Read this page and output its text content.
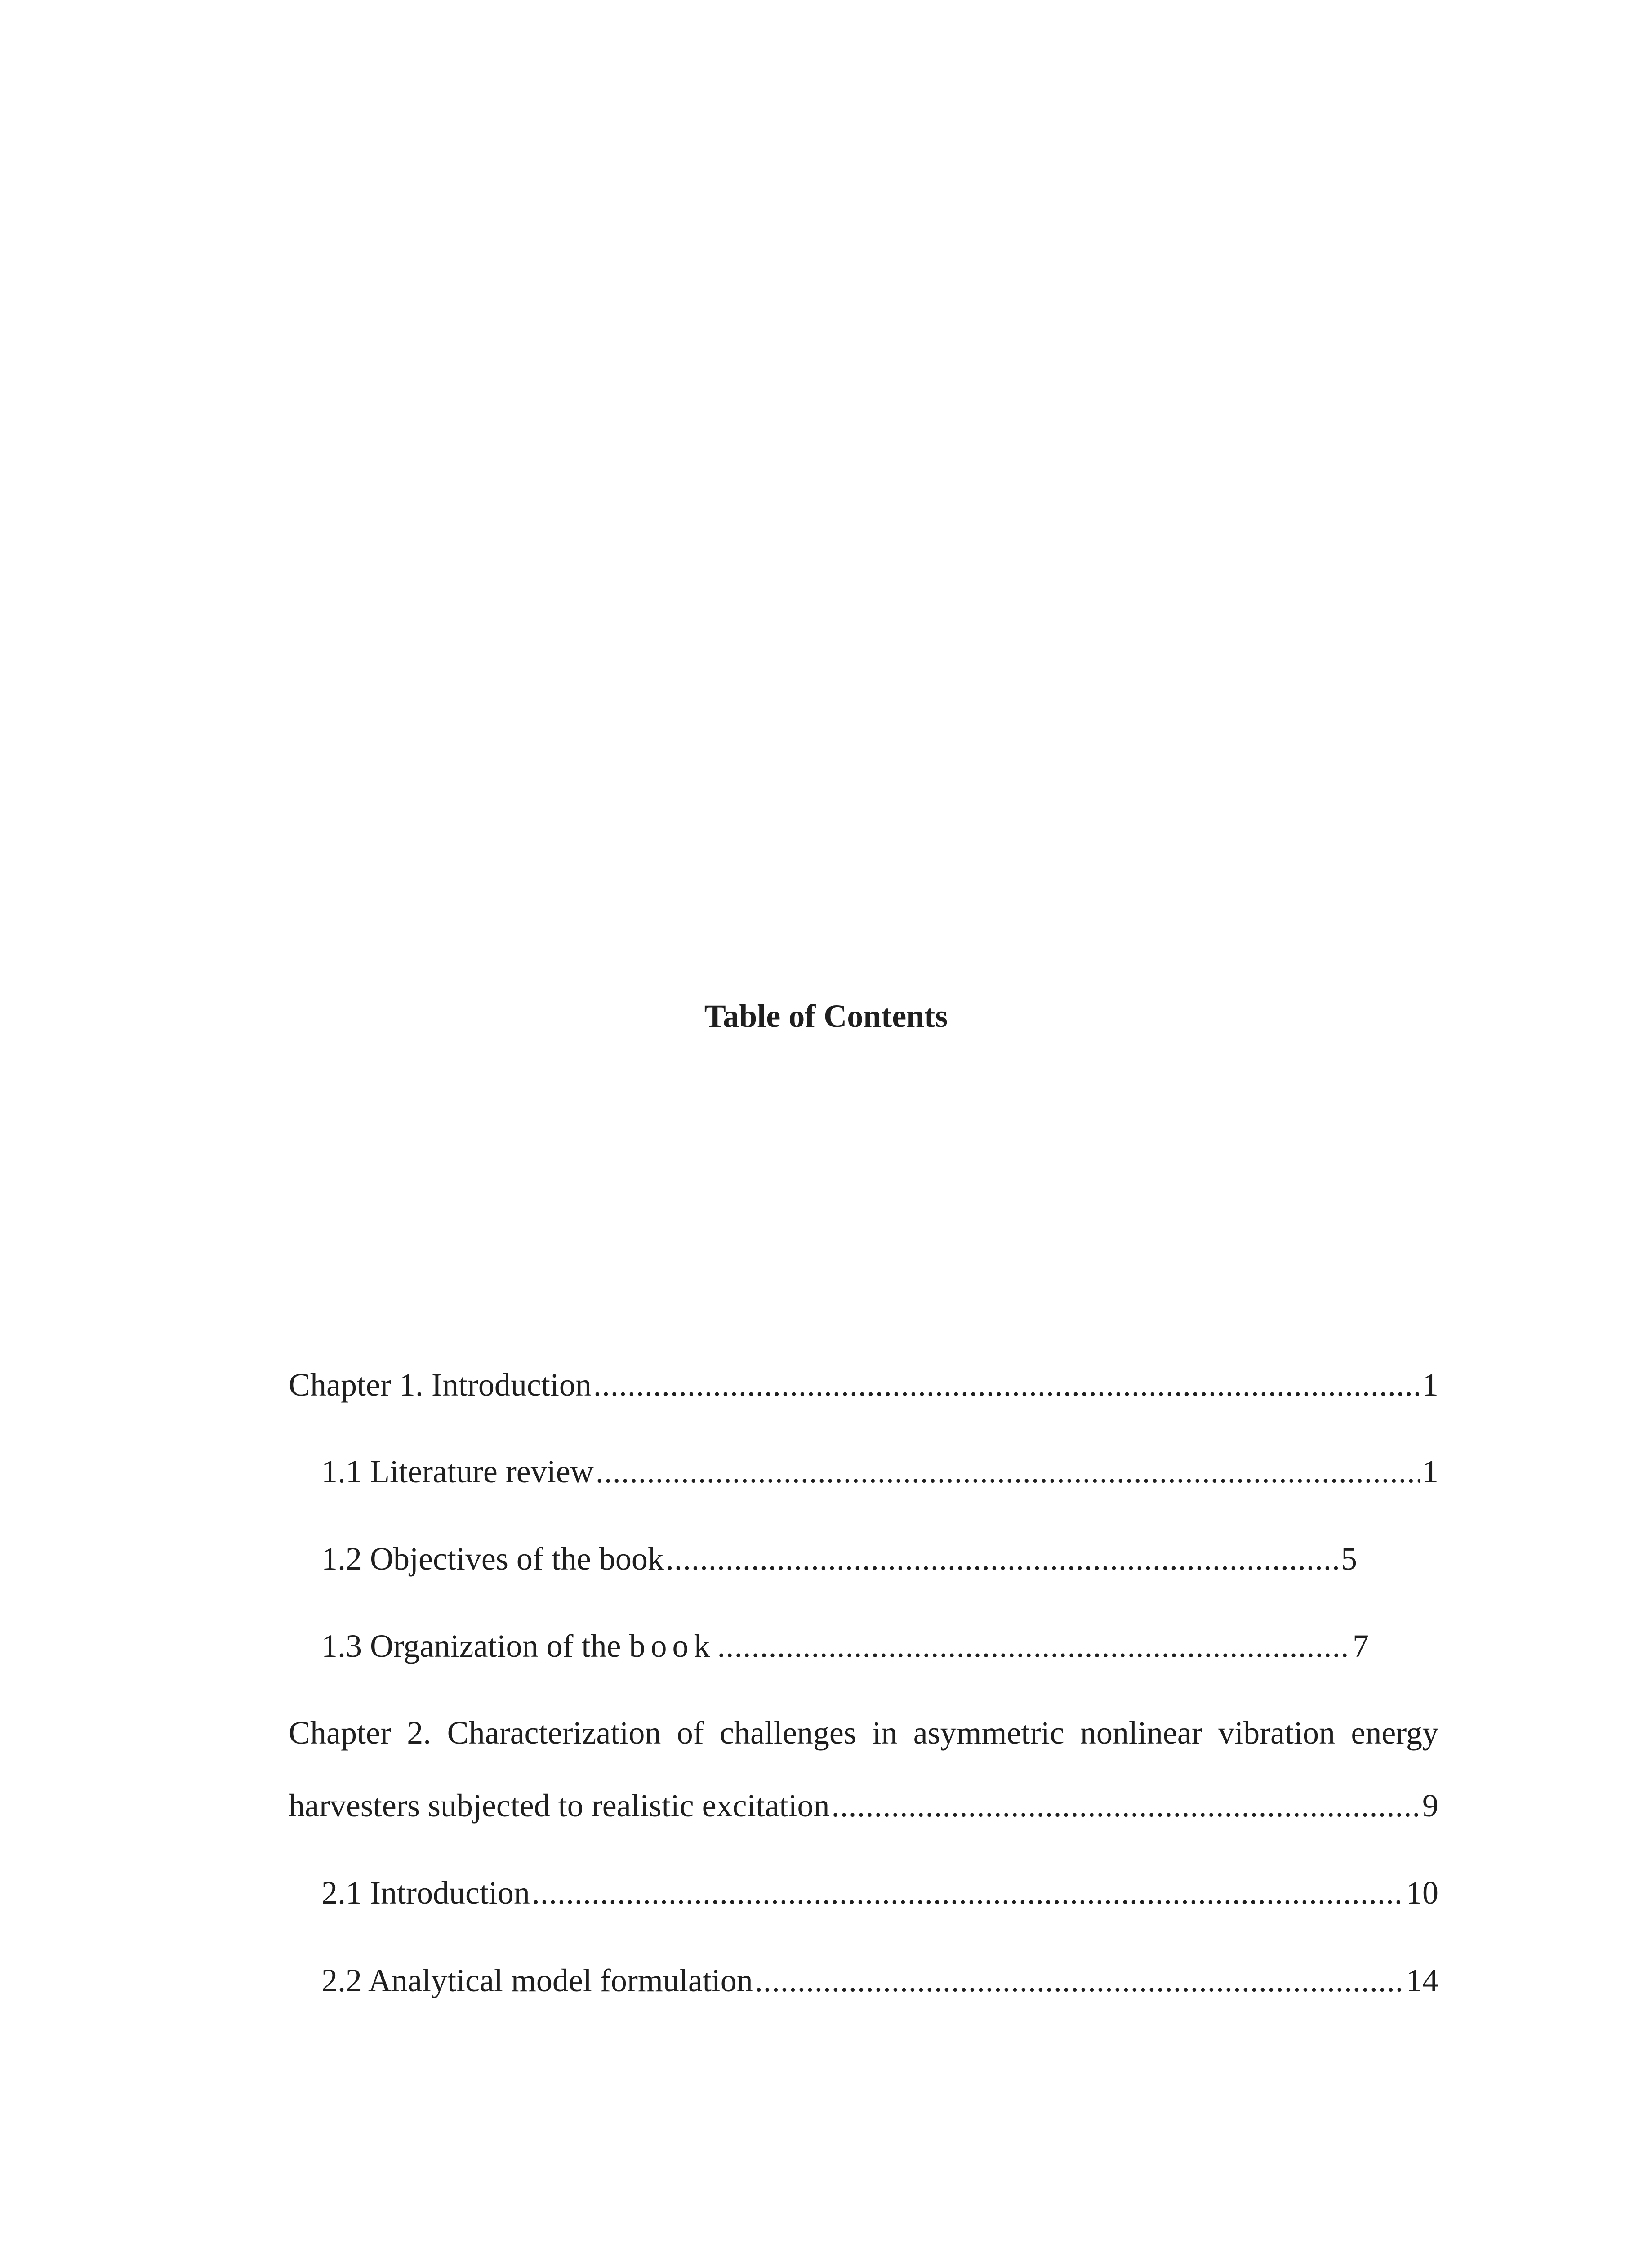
Table of Contents
Chapter 1. Introduction .....	1
1.1 Literature review .....	1
1.2 Objectives of the book .....	5
1.3 Organization of the book .....	7
Chapter 2. Characterization of challenges in asymmetric nonlinear vibration energy
harvesters subjected to realistic excitation .....	9
2.1 Introduction .....	10
2.2 Analytical model formulation .....	14
